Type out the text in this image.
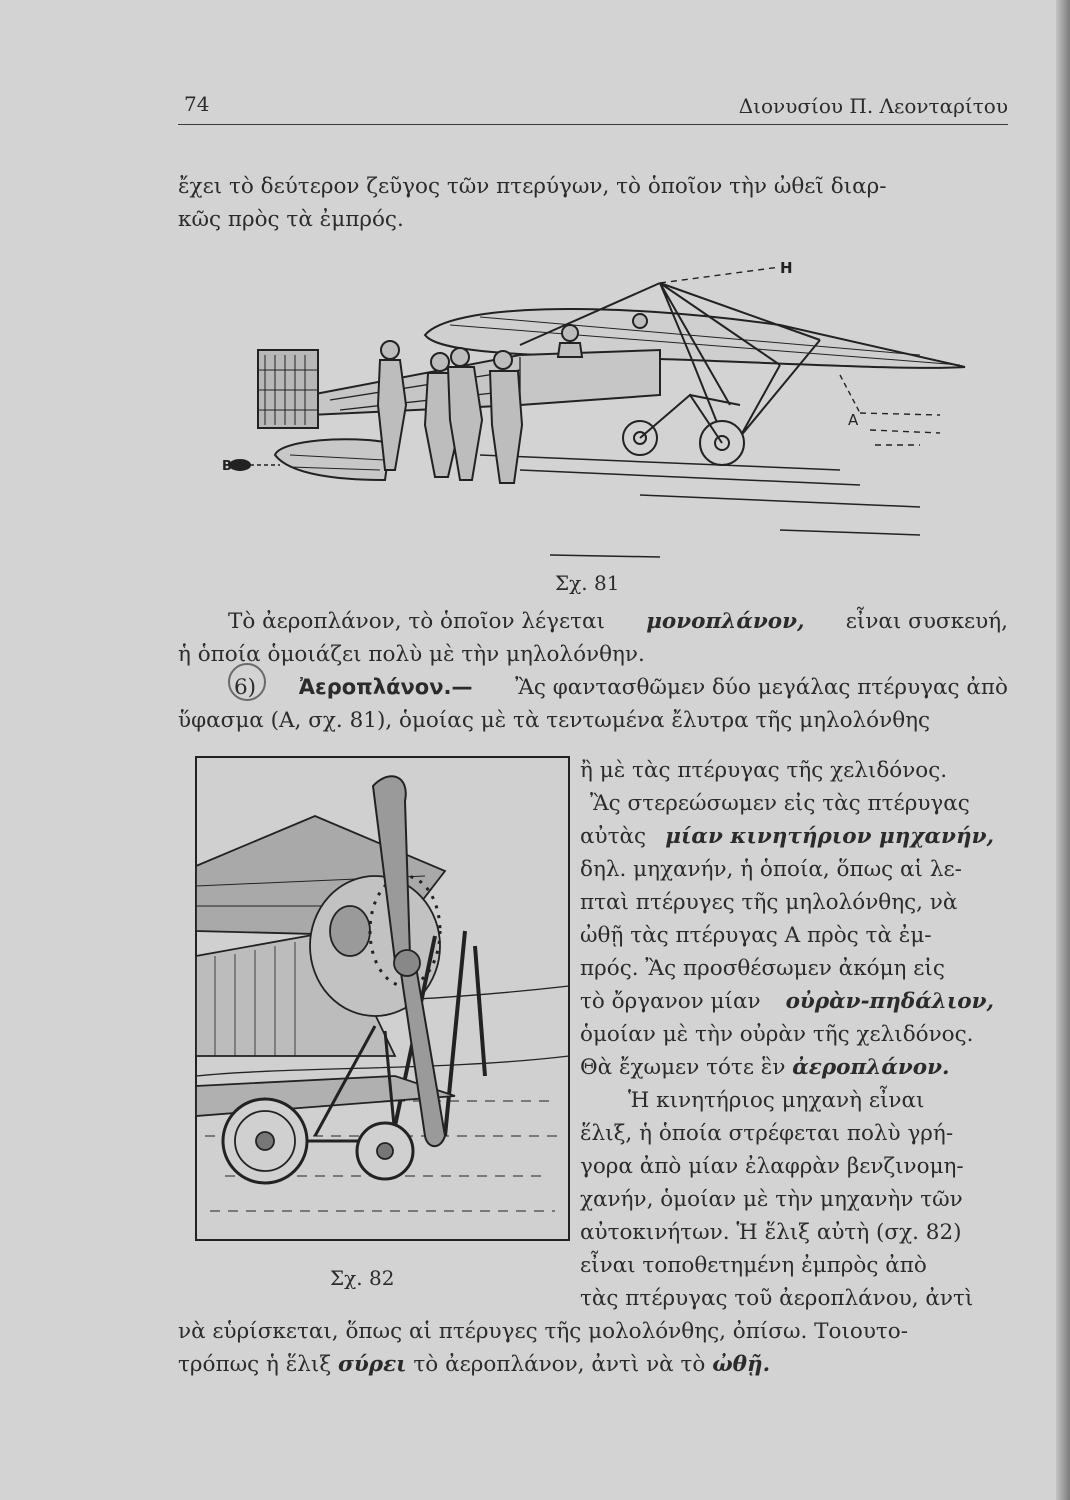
74	Διονυσίου Π. Λεονταρίτου
ἔχει τὸ δεύτερον ζεῦγος τῶν πτερύγων, τὸ ὁποῖον τὴν ὠθεῖ διαρ-
κῶς πρὸς τὰ ἐμπρός.
H
A
B
Σχ. 81
Τὸ ἀεροπλάνον, τὸ ὁποῖον λέγεται μονοπλάνον, εἶναι συσκευή,
ἡ ὁποία ὁμοιάζει πολὺ μὲ τὴν μηλολόνθην.
6) Ἀεροπλάνον.— Ἂς φαντασθῶμεν δύο μεγάλας πτέρυγας ἀπὸ
ὕφασμα (Α, σχ. 81), ὁμοίας μὲ τὰ τεντωμένα ἔλυτρα τῆς μηλολόνθης
Σχ. 82
ἢ μὲ τὰς πτέρυγας τῆς χελιδόνος.
Ἂς στερεώσωμεν εἰς τὰς πτέρυγας
αὐτὰς μίαν κινητήριον μηχανήν,
δηλ. μηχανήν, ἡ ὁποία, ὅπως αἱ λε-
πταὶ πτέρυγες τῆς μηλολόνθης, νὰ
ὠθῇ τὰς πτέρυγας Α πρὸς τὰ ἐμ-
πρός. Ἂς προσθέσωμεν ἀκόμη εἰς
τὸ ὄργανον μίαν οὐρὰν-πηδάλιον,
ὁμοίαν μὲ τὴν οὐρὰν τῆς χελιδόνος.
Θὰ ἔχωμεν τότε ἓν ἀεροπλάνον.
Ἡ κινητήριος μηχανὴ εἶναι
ἕλιξ, ἡ ὁποία στρέφεται πολὺ γρή-
γορα ἀπὸ μίαν ἐλαφρὰν βενζινομη-
χανήν, ὁμοίαν μὲ τὴν μηχανὴν τῶν
αὐτοκινήτων. Ἡ ἕλιξ αὐτὴ (σχ. 82)
εἶναι τοποθετημένη ἐμπρὸς ἀπὸ
τὰς πτέρυγας τοῦ ἀεροπλάνου, ἀντὶ
νὰ εὑρίσκεται, ὅπως αἱ πτέρυγες τῆς μολολόνθης, ὀπίσω. Τοιουτο-
τρόπως ἡ ἕλιξ σύρει τὸ ἀεροπλάνον, ἀντὶ νὰ τὸ ὠθῇ.
